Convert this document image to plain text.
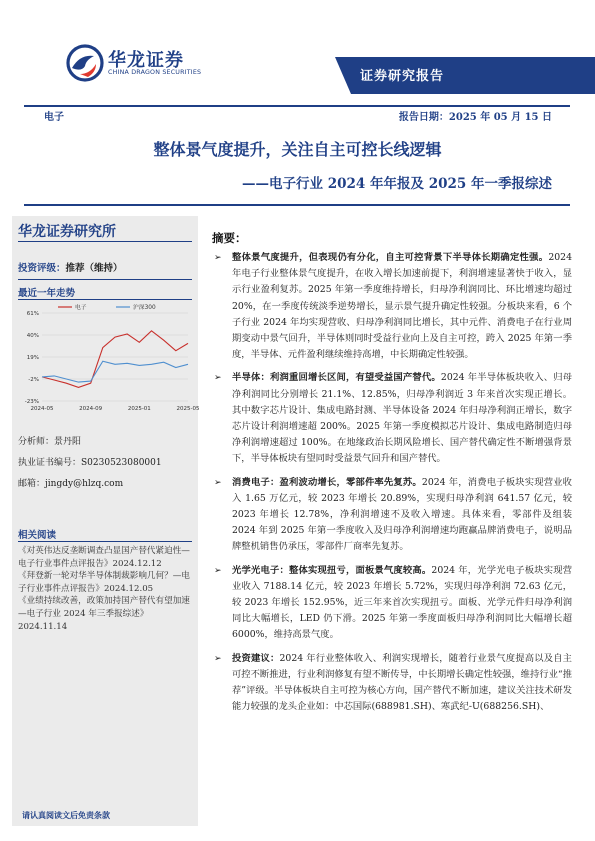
华龙证券
CHINA DRAGON SECURITIES	证券研究报告
电子	报告日期：2025 年 05 月 15 日
整体景气度提升，关注自主可控长线逻辑
——电子行业 2024 年年报及 2025 年一季报综述
华龙证券研究所
投资评级：推荐（维持）
最近一年走势
61%
40%
19%
-2%
-23%
2024-05	2024-09	2025-01	2025-05
电子	沪深300
分析师：景丹阳
执业证书编号：S0230523080001
邮箱：jingdy@hlzq.com
相关阅读

《对英伟达反垄断调查凸显国产替代紧迫性—电子行业事件点评报告》2024.12.12

《拜登新一轮对华半导体制裁影响几何？—电子行业事件点评报告》2024.12.05

《业绩持续改善，政策加持国产替代有望加速—电子行业 2024 年三季报综述》2024.11.14

请认真阅读文后免责条款
摘要：
➢ 整体景气度提升，但表现仍有分化，自主可控背景下半导体长期确定性强。2024 年电子行业整体景气度提升，在收入增长加速前提下，利润增速显著快于收入，显示行业盈利复苏。2025 年第一季度维持增长，归母净利润同比、环比增速均超过 20%，在一季度传统淡季逆势增长，显示景气提升确定性较强。分板块来看，6 个子行业 2024 年均实现营收、归母净利润同比增长，其中元件、消费电子在行业周期变动中景气回升，半导体则同时受益行业向上及自主可控，跨入 2025 年第一季度，半导体、元件盈利继续维持高增，中长期确定性较强。
➢ 半导体：利润重回增长区间，有望受益国产替代。2024 年半导体板块收入、归母净利润同比分别增长 21.1%、12.85%，归母净利润近 3 年来首次实现正增长。其中数字芯片设计、集成电路封测、半导体设备 2024 年归母净利润正增长，数字芯片设计利润增速超 200%。2025 年第一季度模拟芯片设计、集成电路制造归母净利润增速超过 100%。在地缘政治长期风险增长、国产替代确定性不断增强背景下，半导体板块有望同时受益景气回升和国产替代。
➢ 消费电子：盈利波动增长，零部件率先复苏。2024 年，消费电子板块实现营业收入 1.65 万亿元，较 2023 年增长 20.89%，实现归母净利润 641.57 亿元，较 2023 年增长 12.78%，净利润增速不及收入增速。具体来看，零部件及组装 2024 年到 2025 年第一季度收入及归母净利润增速均跑赢品牌消费电子，说明品牌整机销售仍承压，零部件厂商率先复苏。
➢ 光学光电子：整体实现扭亏，面板景气度较高。2024 年，光学光电子板块实现营业收入 7188.14 亿元，较 2023 年增长 5.72%，实现归母净利润 72.63 亿元，较 2023 年增长 152.95%，近三年来首次实现扭亏。面板、光学元件归母净利润同比大幅增长，LED 仍下滑。2025 年第一季度面板归母净利润同比大幅增长超 6000%，维持高景气度。
➢ 投资建议：2024 年行业整体收入、利润实现增长，随着行业景气度提高以及自主可控不断推进，行业利润修复有望不断传导，中长期增长确定性较强，维持行业“推荐”评级。半导体板块自主可控为核心方向，国产替代不断加速，建议关注技术研发能力较强的龙头企业如：中芯国际(688981.SH)、寒武纪-U(688256.SH)、
